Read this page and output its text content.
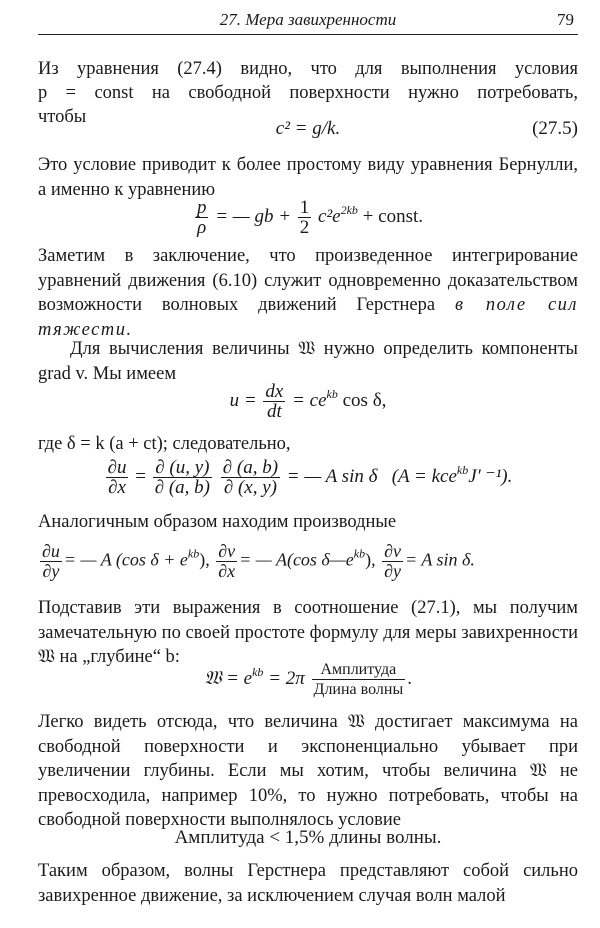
27. Мера завихренности	79

Из уравнения (27.4) видно, что для выполнения условия

p = const на свободной поверхности нужно потребовать,

чтобы

c² = g/k.	(27.5)

Это условие приводит к более простому виду уравнения Бернулли, а именно к уравнению

$\frac{p}{\rho}$ = — gb + $\frac{1}{2} c^2e^{2kb}$ + const.

Заметим в заключение, что произведенное интегрирование уравнений движения (6.10) служит одновременно доказательством возможности волновых движений Герстнера в поле сил тяжести.

Для вычисления величины 𝔚 нужно определить компоненты grad v. Мы имеем

$u = \frac{dx}{dt} = ce^{kb}$ cos δ,

где δ = k (a + ct); следовательно,

$\frac{\partial u}{\partial x} = \frac{\partial (u, y)}{\partial (a, b)}$
$\frac{\partial (a, b)}{\partial (x, y)}$ = — A sin δ (A = kce$^{kb}$J′ ⁻¹).

Аналогичным образом находим производные

$\frac{\partial u}{\partial y}$ = — A (cos $\delta + e^{kb}$), $\frac{\partial v}{\partial x}$ = — A(cos $\delta—e^{kb}$), $\frac{\partial v}{\partial y} = A$ sin δ.

Подставив эти выражения в соотношение (27.1), мы получим замечательную по своей простоте формулу для меры завихренности 𝔚 на „глубине“ b:

𝔚 = $e^{kb} = 2\pi \frac{\text{Амплитуда}}{\text{Длина волны}}$ .

Легко видеть отсюда, что величина 𝔚 достигает максимума на свободной поверхности и экспоненциально убывает при увеличении глубины. Если мы хотим, чтобы величина 𝔚 не превосходила, например 10%, то нужно потребовать, чтобы на свободной поверхности выполнялось условие

Амплитуда < 1,5% длины волны.

Таким образом, волны Герстнера представляют собой сильно завихренное движение, за исключением случая волн малой
